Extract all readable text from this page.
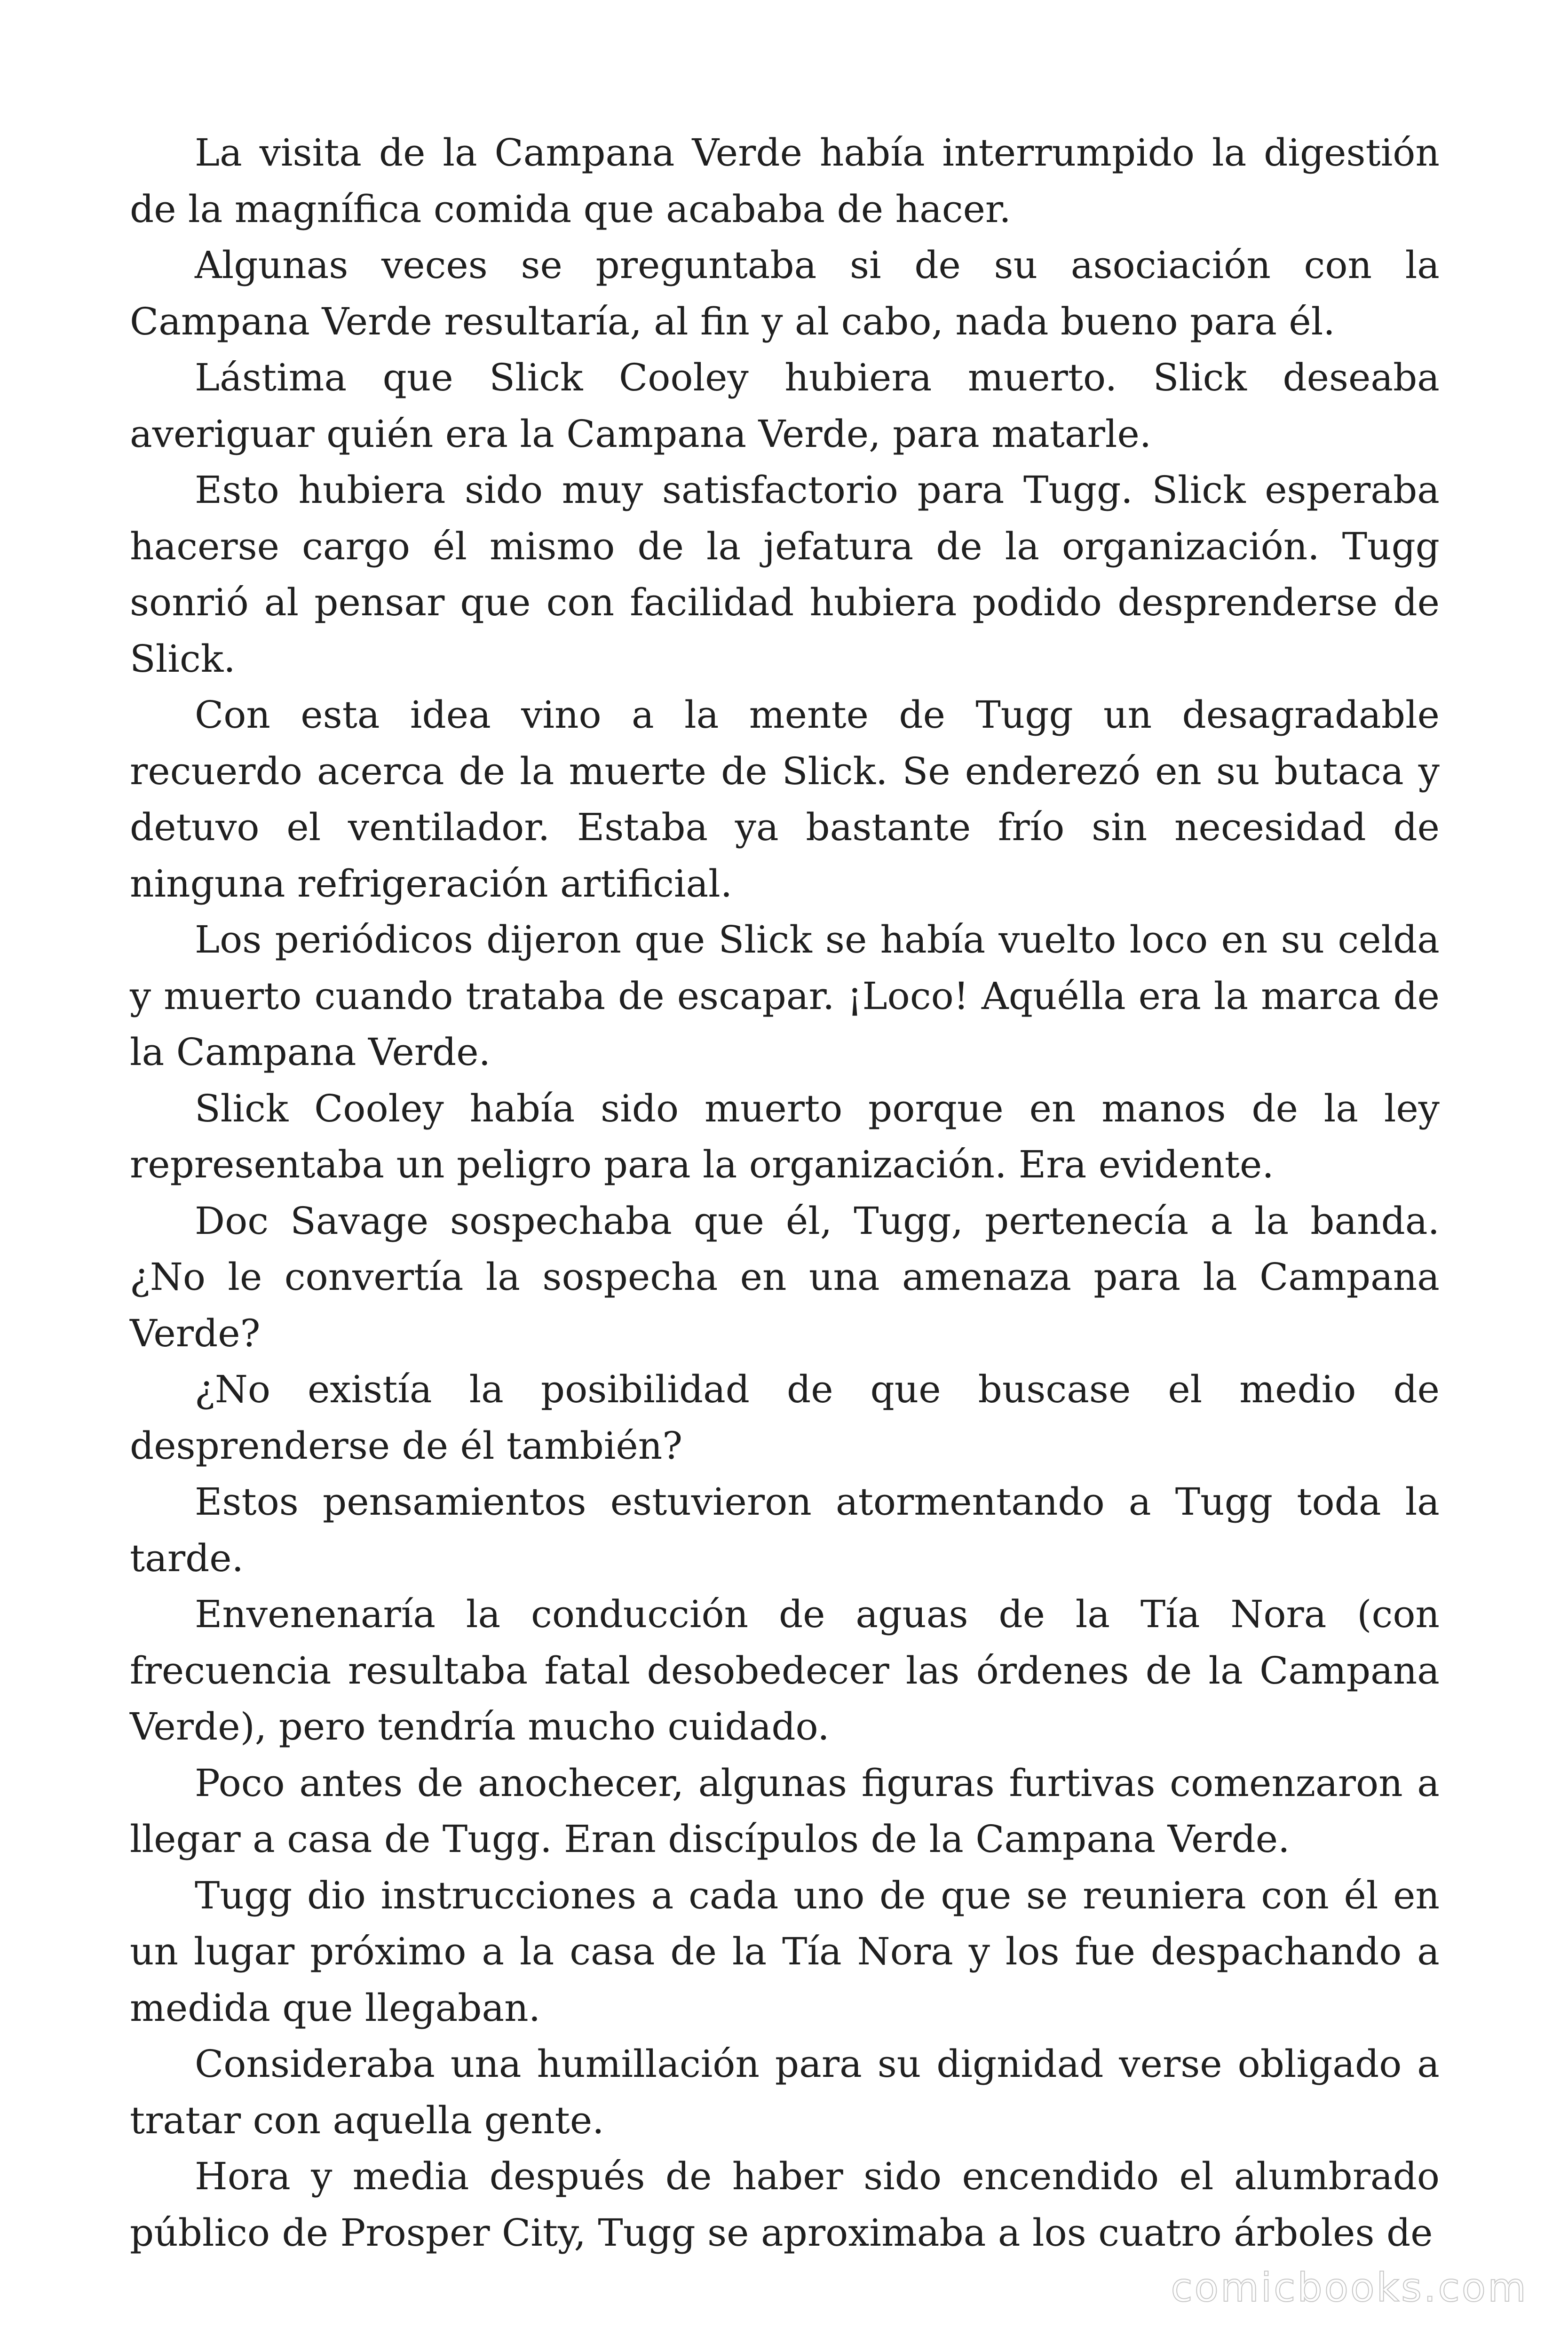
La visita de la Campana Verde había interrumpido la digestión de la magnífica comida que acababa de hacer.

Algunas veces se preguntaba si de su asociación con la Campana Verde resultaría, al fin y al cabo, nada bueno para él.

Lástima que Slick Cooley hubiera muerto. Slick deseaba averiguar quién era la Campana Verde, para matarle.

Esto hubiera sido muy satisfactorio para Tugg. Slick esperaba hacerse cargo él mismo de la jefatura de la organización. Tugg sonrió al pensar que con facilidad hubiera podido desprenderse de Slick.

Con esta idea vino a la mente de Tugg un desagradable recuerdo acerca de la muerte de Slick. Se enderezó en su butaca y detuvo el ventilador. Estaba ya bastante frío sin necesidad de ninguna refrigeración artificial.

Los periódicos dijeron que Slick se había vuelto loco en su celda y muerto cuando trataba de escapar. ¡Loco! Aquélla era la marca de la Campana Verde.

Slick Cooley había sido muerto porque en manos de la ley representaba un peligro para la organización. Era evidente.

Doc Savage sospechaba que él, Tugg, pertenecía a la banda. ¿No le convertía la sospecha en una amenaza para la Campana Verde?

¿No existía la posibilidad de que buscase el medio de desprenderse de él también?

Estos pensamientos estuvieron atormentando a Tugg toda la tarde.

Envenenaría la conducción de aguas de la Tía Nora (con frecuencia resultaba fatal desobedecer las órdenes de la Campana Verde), pero tendría mucho cuidado.

Poco antes de anochecer, algunas figuras furtivas comenzaron a llegar a casa de Tugg. Eran discípulos de la Campana Verde.

Tugg dio instrucciones a cada uno de que se reuniera con él en un lugar próximo a la casa de la Tía Nora y los fue despachando a medida que llegaban.

Consideraba una humillación para su dignidad verse obligado a tratar con aquella gente.

Hora y media después de haber sido encendido el alumbrado público de Prosper City, Tugg se aproximaba a los cuatro árboles de

comicbooks.com
